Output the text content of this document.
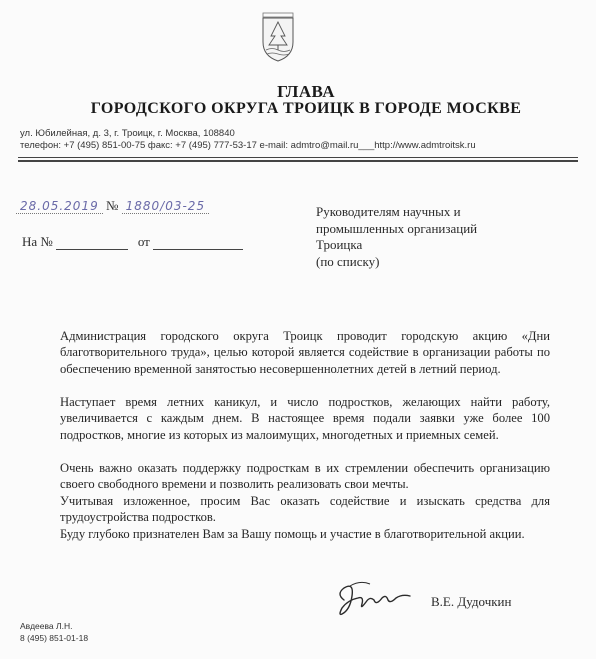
ГЛАВА
ГОРОДСКОГО ОКРУГА ТРОИЦК В ГОРОДЕ МОСКВЕ
ул. Юбилейная, д. 3, г. Троицк, г. Москва, 108840
телефон: +7 (495) 851-00-75 факс: +7 (495) 777-53-17 e-mail: admtro@mail.ru___http://www.admtroitsk.ru
28.05.2019 № 1880/03-25
На №	от
Руководителям научных и
промышленных организаций
Троицка
(по списку)
Администрация городского округа Троицк проводит городскую акцию «Дни благотворительного труда», целью которой является содействие в организации работы по обеспечению временной занятостью несовершеннолетних детей в летний период.
Наступает время летних каникул, и число подростков, желающих найти работу, увеличивается с каждым днем. В настоящее время подали заявки уже более 100 подростков, многие из которых из малоимущих, многодетных и приемных семей.
Очень важно оказать поддержку подросткам в их стремлении обеспечить организацию своего свободного времени и позволить реализовать свои мечты.
Учитывая изложенное, просим Вас оказать содействие и изыскать средства для трудоустройства подростков.
Буду глубоко признателен Вам за Вашу помощь и участие в благотворительной акции.
В.Е. Дудочкин
Авдеева Л.Н.
8 (495) 851-01-18
